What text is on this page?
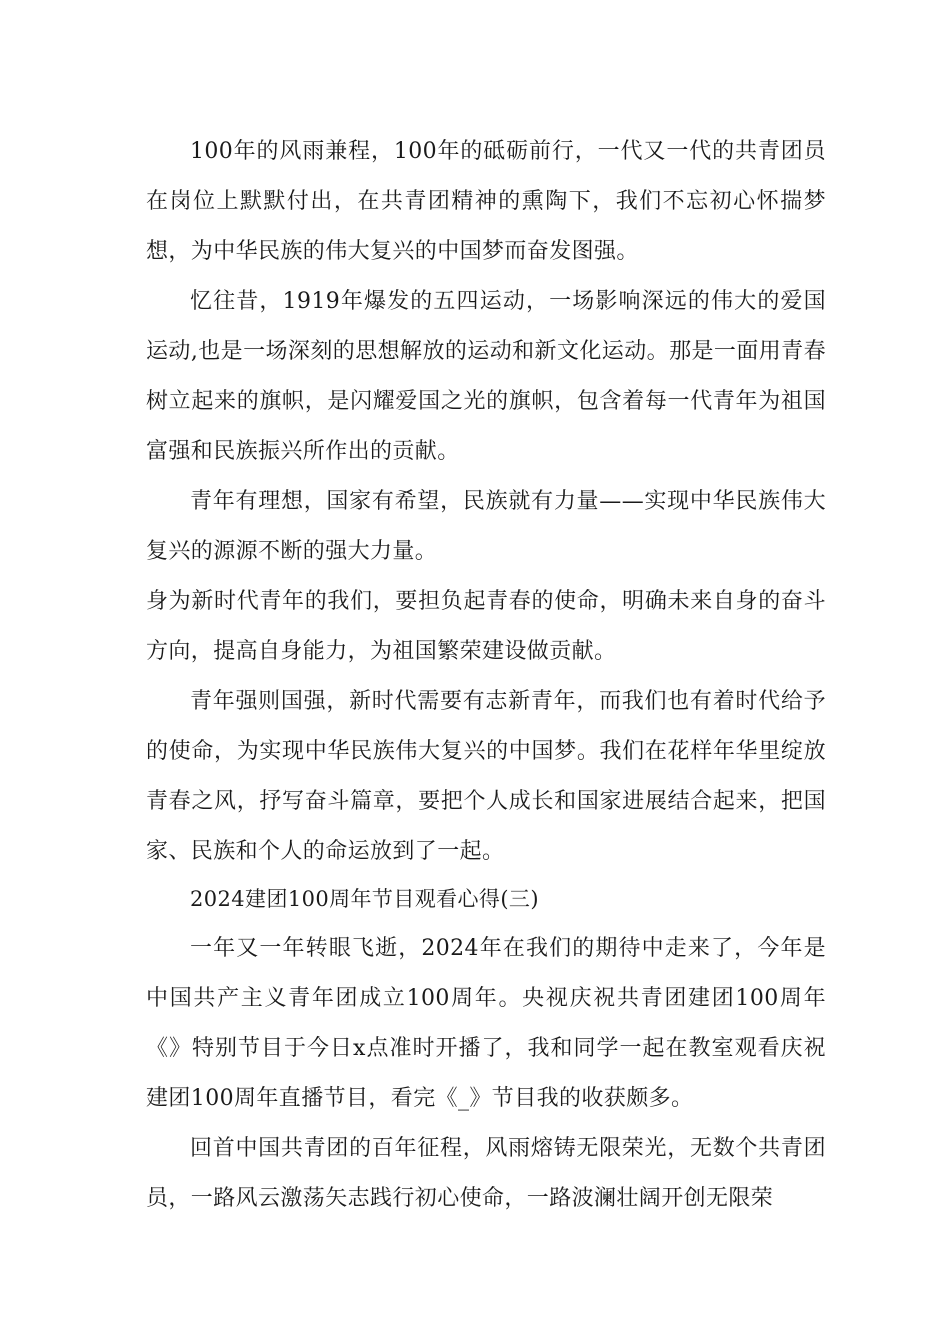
100年的风雨兼程，100年的砥砺前行，一代又一代的共青团员在岗位上默默付出，在共青团精神的熏陶下，我们不忘初心怀揣梦想，为中华民族的伟大复兴的中国梦而奋发图强。

忆往昔，1919年爆发的五四运动，一场影响深远的伟大的爱国运动,也是一场深刻的思想解放的运动和新文化运动。那是一面用青春树立起来的旗帜，是闪耀爱国之光的旗帜，包含着每一代青年为祖国富强和民族振兴所作出的贡献。

青年有理想，国家有希望，民族就有力量——实现中华民族伟大复兴的源源不断的强大力量。

身为新时代青年的我们，要担负起青春的使命，明确未来自身的奋斗方向，提高自身能力，为祖国繁荣建设做贡献。

青年强则国强，新时代需要有志新青年，而我们也有着时代给予的使命，为实现中华民族伟大复兴的中国梦。我们在花样年华里绽放青春之风，抒写奋斗篇章，要把个人成长和国家进展结合起来，把国家、民族和个人的命运放到了一起。

2024建团100周年节目观看心得(三)

一年又一年转眼飞逝，2024年在我们的期待中走来了，今年是中国共产主义青年团成立100周年。央视庆祝共青团建团100周年《》特别节目于今日x点准时开播了，我和同学一起在教室观看庆祝建团100周年直播节目，看完《_》节目我的收获颇多。

回首中国共青团的百年征程，风雨熔铸无限荣光，无数个共青团员，一路风云激荡矢志践行初心使命，一路波澜壮阔开创无限荣
